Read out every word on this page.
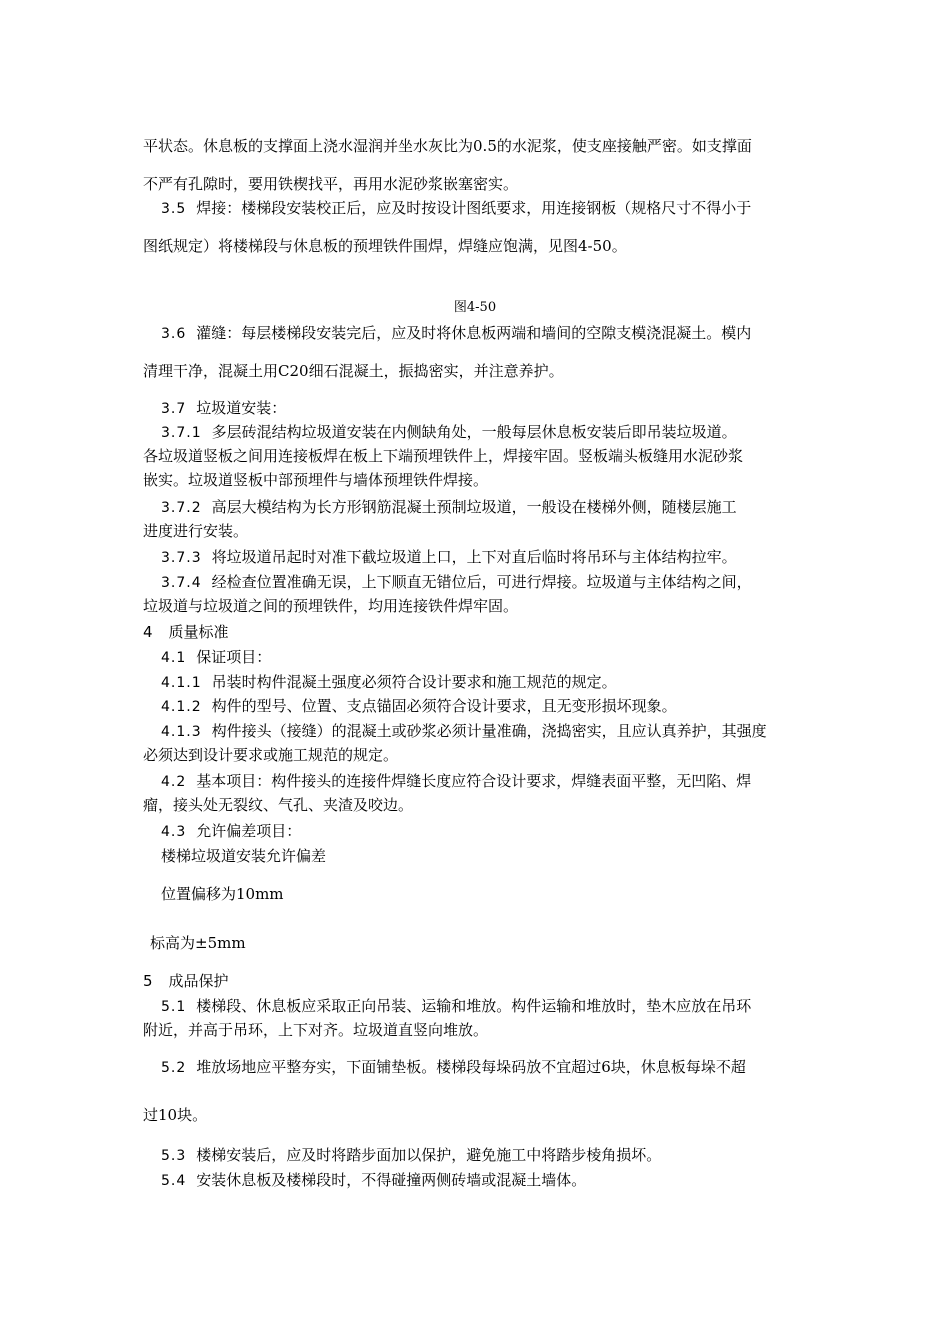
平状态。休息板的支撑面上浇水湿润并坐水灰比为0.5的水泥浆，使支座接触严密。如支撑面
不严有孔隙时，要用铁楔找平，再用水泥砂浆嵌塞密实。
3.5 焊接：楼梯段安装校正后，应及时按设计图纸要求，用连接钢板（规格尺寸不得小于
图纸规定）将楼梯段与休息板的预埋铁件围焊，焊缝应饱满，见图4-50。
图4-50
3.6 灌缝：每层楼梯段安装完后，应及时将休息板两端和墙间的空隙支模浇混凝土。模内
清理干净，混凝土用C20细石混凝土，振捣密实，并注意养护。
3.7 垃圾道安装：
3.7.1 多层砖混结构垃圾道安装在内侧缺角处，一般每层休息板安装后即吊装垃圾道。
各垃圾道竖板之间用连接板焊在板上下端预埋铁件上，焊接牢固。竖板端头板缝用水泥砂浆
嵌实。垃圾道竖板中部预埋件与墙体预埋铁件焊接。
3.7.2 高层大模结构为长方形钢筋混凝土预制垃圾道，一般设在楼梯外侧，随楼层施工
进度进行安装。
3.7.3 将垃圾道吊起时对准下截垃圾道上口，上下对直后临时将吊环与主体结构拉牢。
3.7.4 经检查位置准确无误，上下顺直无错位后，可进行焊接。垃圾道与主体结构之间，
垃圾道与垃圾道之间的预埋铁件，均用连接铁件焊牢固。
4 质量标准
4.1 保证项目：
4.1.1 吊装时构件混凝土强度必须符合设计要求和施工规范的规定。
4.1.2 构件的型号、位置、支点锚固必须符合设计要求，且无变形损坏现象。
4.1.3 构件接头（接缝）的混凝土或砂浆必须计量准确，浇捣密实，且应认真养护，其强度
必须达到设计要求或施工规范的规定。
4.2 基本项目：构件接头的连接件焊缝长度应符合设计要求，焊缝表面平整，无凹陷、焊
瘤，接头处无裂纹、气孔、夹渣及咬边。
4.3 允许偏差项目：
楼梯垃圾道安装允许偏差
位置偏移为10mm
标高为±5mm
5 成品保护
5.1 楼梯段、休息板应采取正向吊装、运输和堆放。构件运输和堆放时，垫木应放在吊环
附近，并高于吊环，上下对齐。垃圾道直竖向堆放。
5.2 堆放场地应平整夯实，下面铺垫板。楼梯段每垛码放不宜超过6块，休息板每垛不超
过10块。
5.3 楼梯安装后，应及时将踏步面加以保护，避免施工中将踏步棱角损坏。
5.4 安装休息板及楼梯段时，不得碰撞两侧砖墙或混凝土墙体。
